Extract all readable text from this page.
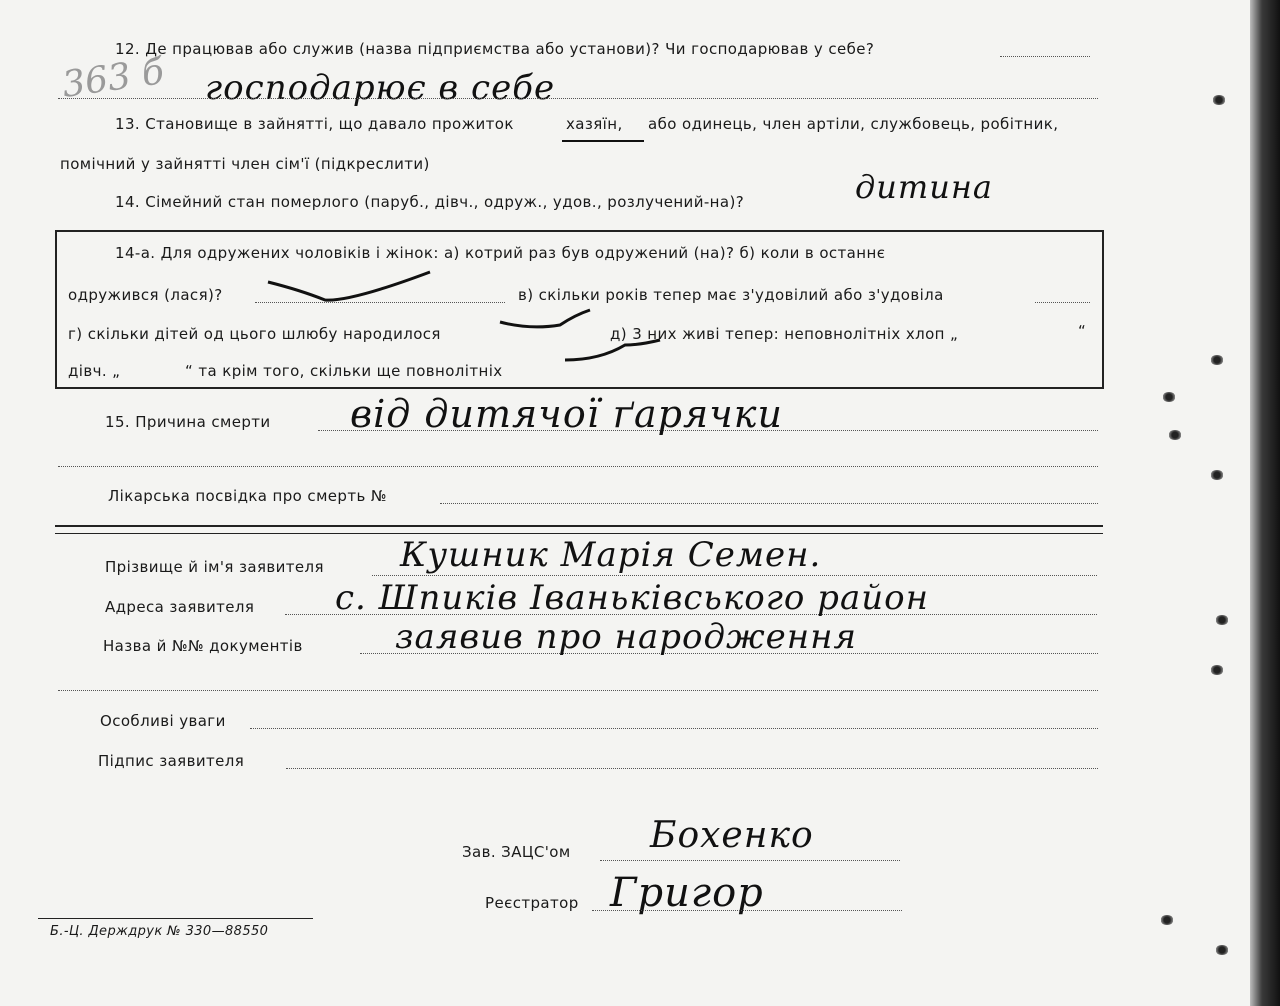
12. Де працював або служив (назва підприємства або установи)? Чи господарював у себе?
363 б господарює в себе
13. Становище в зайнятті, що давало прожиток	хазяїн, або одинець, член артіли, службовець, робітник,
помічний у зайнятті член сім'ї (підкреслити)
14. Сімейний стан померлого (паруб., дівч., одруж., удов., розлучений-на)?	дитина
14-а. Для одружених чоловіків і жінок: а) котрий раз був одружений (на)? б) коли в останнє
одружився (лася)?	в) скільки років тепер має з'удовілий або з'удовіла
г) скільки дітей од цього шлюбу народилося	д) 3 них живі тепер: неповнолітніх хлоп „	“
дівч. „	“ та крім того, скільки ще повнолітніх
15. Причина смерти від дитячої ґарячки
Лікарська посвідка про смерть №
Прізвище й ім'я заявителя Кушник Марія Семен.
Адреса заявителя с. Шпиків Іваньківського район
Назва й №№ документів	заявив про народження
Особливі уваги
Підпис заявителя
Зав. ЗАЦС'ом Бохенко
Реєстратор Григор
Б.-Ц. Держдрук № 330—88550
